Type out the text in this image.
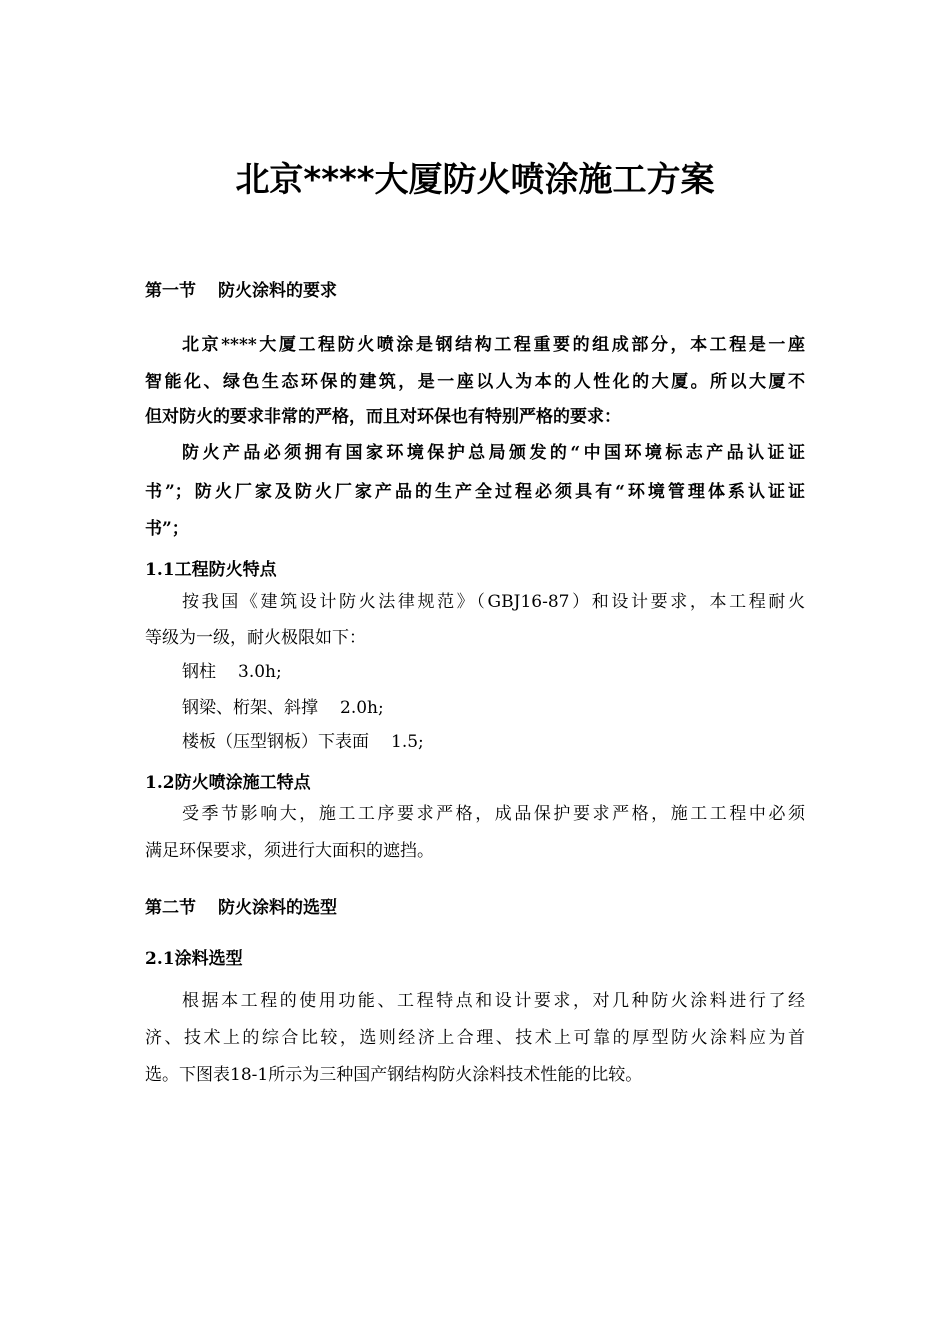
北京****大厦防火喷涂施工方案
第一节 防火涂料的要求
北京****大厦工程防火喷涂是钢结构工程重要的组成部分，本工程是一座
智能化、绿色生态环保的建筑，是一座以人为本的人性化的大厦。所以大厦不
但对防火的要求非常的严格，而且对环保也有特别严格的要求：
防火产品必须拥有国家环境保护总局颁发的“中国环境标志产品认证证
书”；防火厂家及防火厂家产品的生产全过程必须具有“环境管理体系认证证
书”；
1.1工程防火特点
按我国《建筑设计防火法律规范》（GBJ16-87）和设计要求，本工程耐火
等级为一级，耐火极限如下：
钢柱 3.0h;
钢梁、桁架、斜撑 2.0h;
楼板（压型钢板）下表面 1.5;
1.2防火喷涂施工特点
受季节影响大，施工工序要求严格，成品保护要求严格，施工工程中必须
满足环保要求，须进行大面积的遮挡。
第二节 防火涂料的选型
2.1涂料选型
根据本工程的使用功能、工程特点和设计要求，对几种防火涂料进行了经
济、技术上的综合比较，选则经济上合理、技术上可靠的厚型防火涂料应为首
选。下图表18-1所示为三种国产钢结构防火涂料技术性能的比较。
